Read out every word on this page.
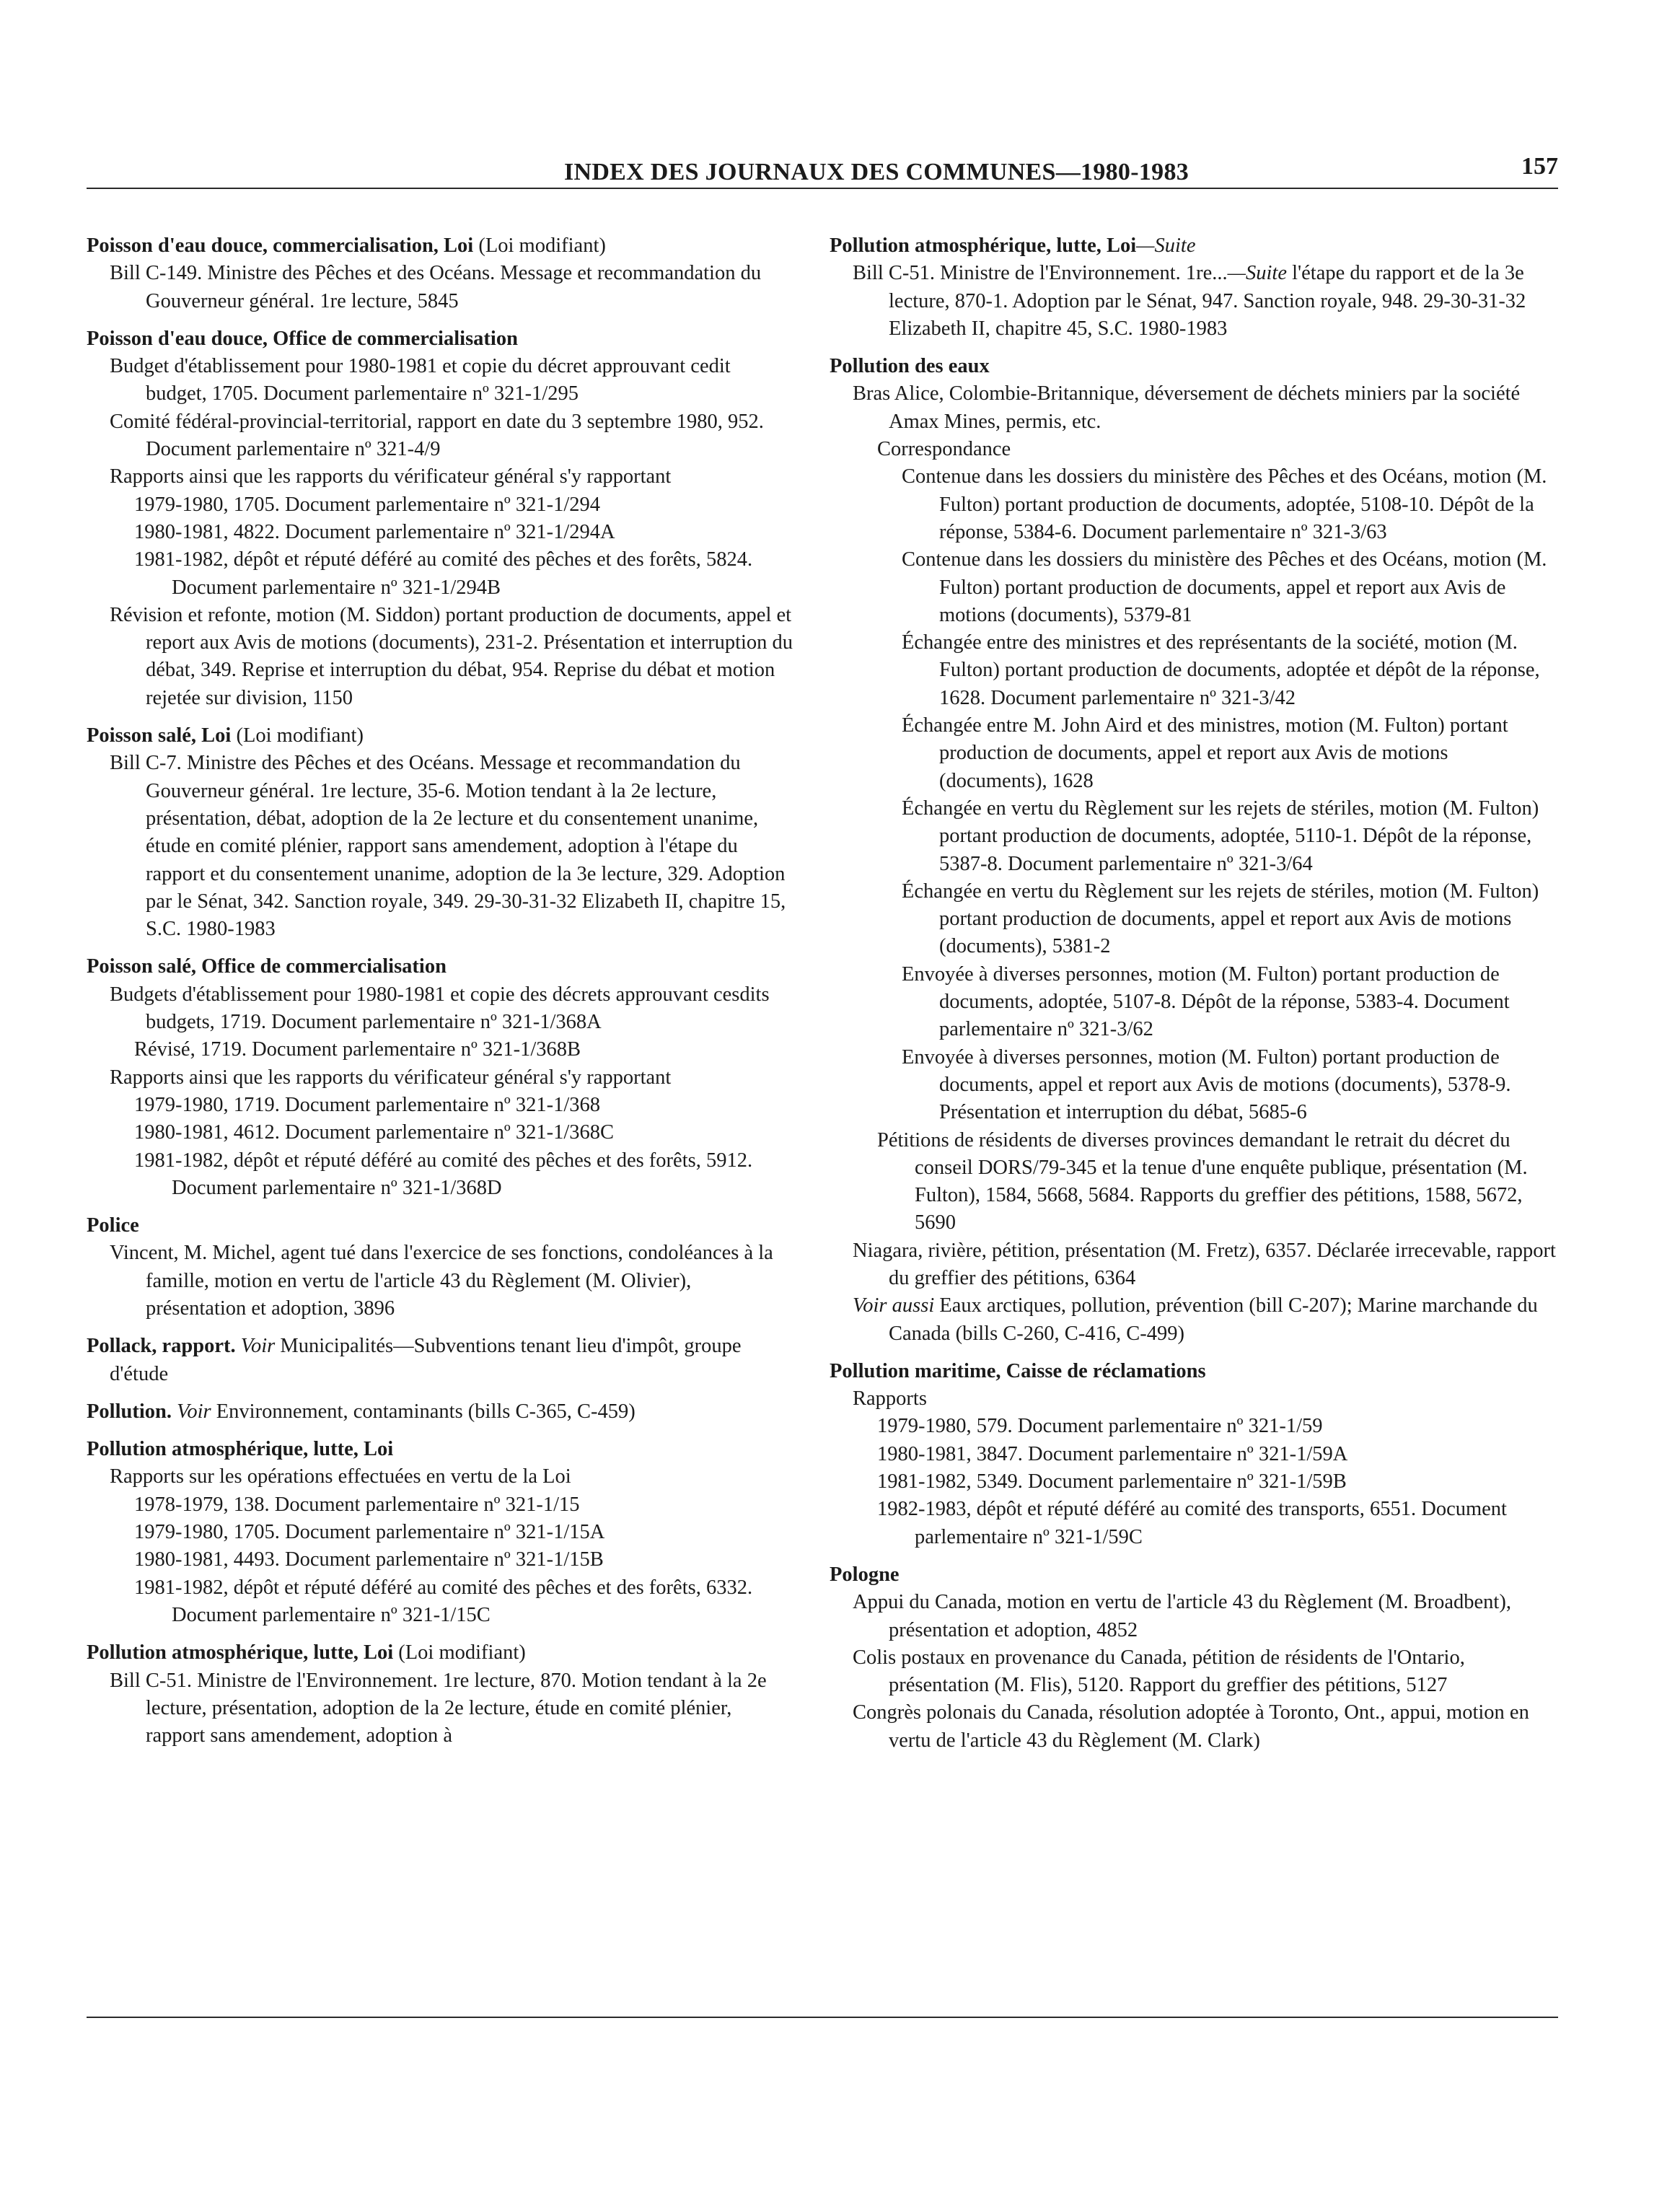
INDEX DES JOURNAUX DES COMMUNES—1980-1983	157

Poisson d'eau douce, commercialisation, Loi (Loi modifiant)

Bill C-149. Ministre des Pêches et des Océans. Message et recommandation du Gouverneur général. 1re lecture, 5845

Poisson d'eau douce, Office de commercialisation

Budget d'établissement pour 1980-1981 et copie du décret approuvant cedit budget, 1705. Document parlementaire nº 321-1/295

Comité fédéral-provincial-territorial, rapport en date du 3 septembre 1980, 952. Document parlementaire nº 321-4/9

Rapports ainsi que les rapports du vérificateur général s'y rapportant

1979-1980, 1705. Document parlementaire nº 321-1/294

1980-1981, 4822. Document parlementaire nº 321-1/294A

1981-1982, dépôt et réputé déféré au comité des pêches et des forêts, 5824. Document parlementaire nº 321-1/294B

Révision et refonte, motion (M. Siddon) portant production de documents, appel et report aux Avis de motions (documents), 231-2. Présentation et interruption du débat, 349. Reprise et interruption du débat, 954. Reprise du débat et motion rejetée sur division, 1150

Poisson salé, Loi (Loi modifiant)

Bill C-7. Ministre des Pêches et des Océans. Message et recommandation du Gouverneur général. 1re lecture, 35-6. Motion tendant à la 2e lecture, présentation, débat, adoption de la 2e lecture et du consentement unanime, étude en comité plénier, rapport sans amendement, adoption à l'étape du rapport et du consentement unanime, adoption de la 3e lecture, 329. Adoption par le Sénat, 342. Sanction royale, 349. 29-30-31-32 Elizabeth II, chapitre 15, S.C. 1980-1983

Poisson salé, Office de commercialisation

Budgets d'établissement pour 1980-1981 et copie des décrets approuvant cesdits budgets, 1719. Document parlementaire nº 321-1/368A

Révisé, 1719. Document parlementaire nº 321-1/368B

Rapports ainsi que les rapports du vérificateur général s'y rapportant

1979-1980, 1719. Document parlementaire nº 321-1/368

1980-1981, 4612. Document parlementaire nº 321-1/368C

1981-1982, dépôt et réputé déféré au comité des pêches et des forêts, 5912. Document parlementaire nº 321-1/368D

Police

Vincent, M. Michel, agent tué dans l'exercice de ses fonctions, condoléances à la famille, motion en vertu de l'article 43 du Règlement (M. Olivier), présentation et adoption, 3896

Pollack, rapport. Voir Municipalités—Subventions tenant lieu d'impôt, groupe d'étude

Pollution. Voir Environnement, contaminants (bills C-365, C-459)

Pollution atmosphérique, lutte, Loi

Rapports sur les opérations effectuées en vertu de la Loi

1978-1979, 138. Document parlementaire nº 321-1/15

1979-1980, 1705. Document parlementaire nº 321-1/15A

1980-1981, 4493. Document parlementaire nº 321-1/15B

1981-1982, dépôt et réputé déféré au comité des pêches et des forêts, 6332. Document parlementaire nº 321-1/15C

Pollution atmosphérique, lutte, Loi (Loi modifiant)

Bill C-51. Ministre de l'Environnement. 1re lecture, 870. Motion tendant à la 2e lecture, présentation, adoption de la 2e lecture, étude en comité plénier, rapport sans amendement, adoption à

Pollution atmosphérique, lutte, Loi—Suite

Bill C-51. Ministre de l'Environnement. 1re...—Suite l'étape du rapport et de la 3e lecture, 870-1. Adoption par le Sénat, 947. Sanction royale, 948. 29-30-31-32 Elizabeth II, chapitre 45, S.C. 1980-1983

Pollution des eaux

Bras Alice, Colombie-Britannique, déversement de déchets miniers par la société Amax Mines, permis, etc.

Correspondance

Contenue dans les dossiers du ministère des Pêches et des Océans, motion (M. Fulton) portant production de documents, adoptée, 5108-10. Dépôt de la réponse, 5384-6. Document parlementaire nº 321-3/63

Contenue dans les dossiers du ministère des Pêches et des Océans, motion (M. Fulton) portant production de documents, appel et report aux Avis de motions (documents), 5379-81

Échangée entre des ministres et des représentants de la société, motion (M. Fulton) portant production de documents, adoptée et dépôt de la réponse, 1628. Document parlementaire nº 321-3/42

Échangée entre M. John Aird et des ministres, motion (M. Fulton) portant production de documents, appel et report aux Avis de motions (documents), 1628

Échangée en vertu du Règlement sur les rejets de stériles, motion (M. Fulton) portant production de documents, adoptée, 5110-1. Dépôt de la réponse, 5387-8. Document parlementaire nº 321-3/64

Échangée en vertu du Règlement sur les rejets de stériles, motion (M. Fulton) portant production de documents, appel et report aux Avis de motions (documents), 5381-2

Envoyée à diverses personnes, motion (M. Fulton) portant production de documents, adoptée, 5107-8. Dépôt de la réponse, 5383-4. Document parlementaire nº 321-3/62

Envoyée à diverses personnes, motion (M. Fulton) portant production de documents, appel et report aux Avis de motions (documents), 5378-9. Présentation et interruption du débat, 5685-6

Pétitions de résidents de diverses provinces demandant le retrait du décret du conseil DORS/79-345 et la tenue d'une enquête publique, présentation (M. Fulton), 1584, 5668, 5684. Rapports du greffier des pétitions, 1588, 5672, 5690

Niagara, rivière, pétition, présentation (M. Fretz), 6357. Déclarée irrecevable, rapport du greffier des pétitions, 6364

Voir aussi Eaux arctiques, pollution, prévention (bill C-207); Marine marchande du Canada (bills C-260, C-416, C-499)

Pollution maritime, Caisse de réclamations

Rapports

1979-1980, 579. Document parlementaire nº 321-1/59

1980-1981, 3847. Document parlementaire nº 321-1/59A

1981-1982, 5349. Document parlementaire nº 321-1/59B

1982-1983, dépôt et réputé déféré au comité des transports, 6551. Document parlementaire nº 321-1/59C

Pologne

Appui du Canada, motion en vertu de l'article 43 du Règlement (M. Broadbent), présentation et adoption, 4852

Colis postaux en provenance du Canada, pétition de résidents de l'Ontario, présentation (M. Flis), 5120. Rapport du greffier des pétitions, 5127

Congrès polonais du Canada, résolution adoptée à Toronto, Ont., appui, motion en vertu de l'article 43 du Règlement (M. Clark)
